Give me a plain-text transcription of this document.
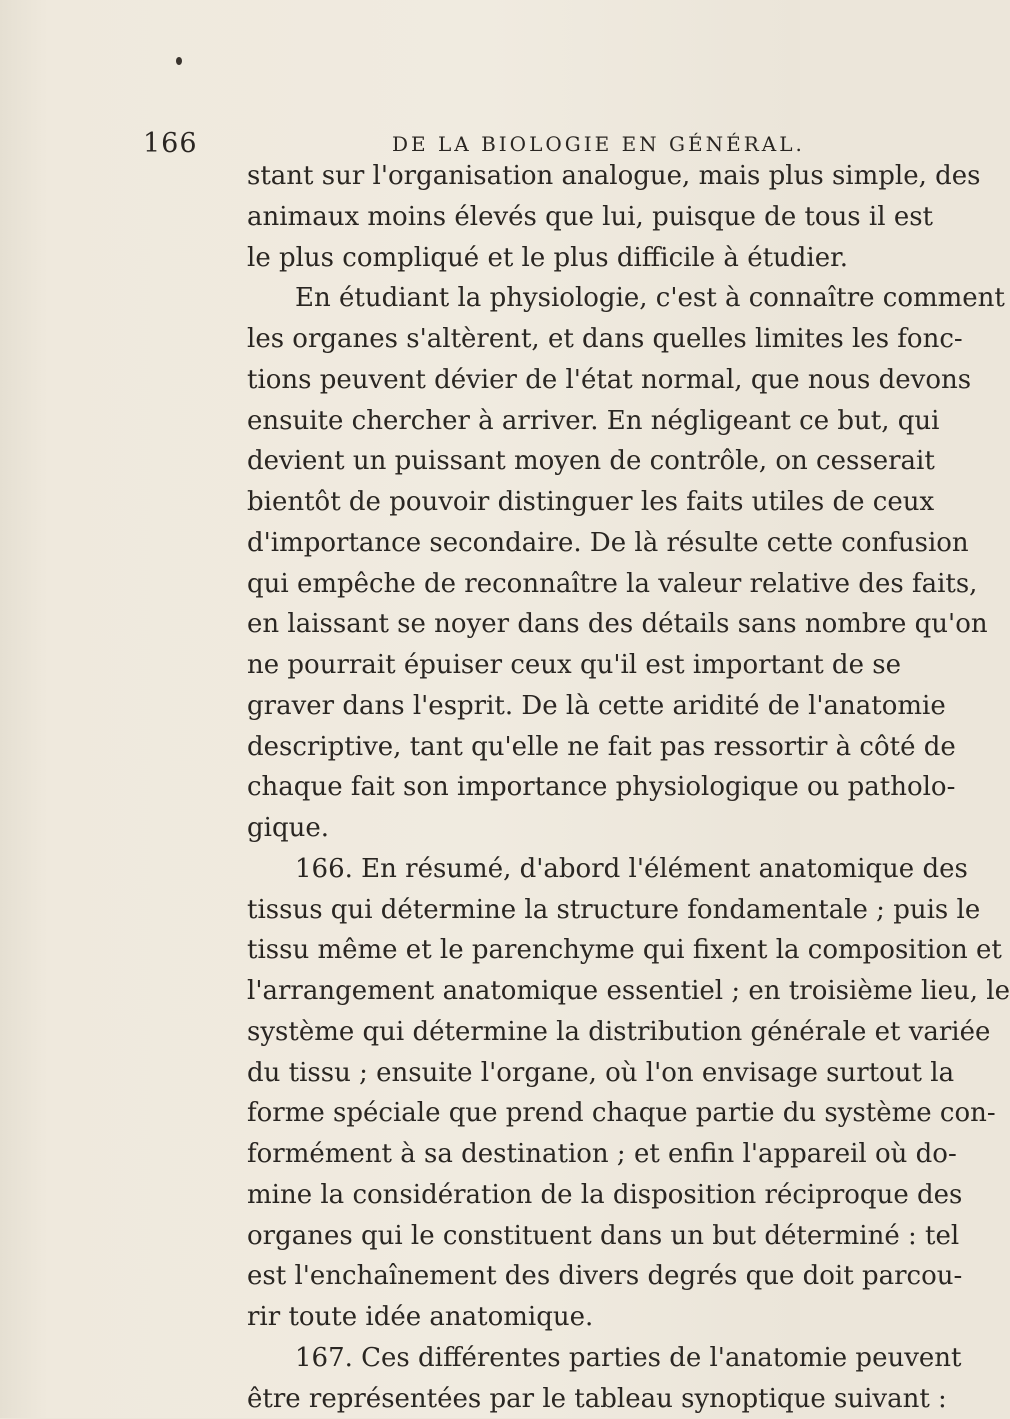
166	DE LA BIOLOGIE EN GÉNÉRAL.
stant sur l'organisation analogue, mais plus simple, des
animaux moins élevés que lui, puisque de tous il est
le plus compliqué et le plus difficile à étudier.
En étudiant la physiologie, c'est à connaître comment
les organes s'altèrent, et dans quelles limites les fonc-
tions peuvent dévier de l'état normal, que nous devons
ensuite chercher à arriver. En négligeant ce but, qui
devient un puissant moyen de contrôle, on cesserait
bientôt de pouvoir distinguer les faits utiles de ceux
d'importance secondaire. De là résulte cette confusion
qui empêche de reconnaître la valeur relative des faits,
en laissant se noyer dans des détails sans nombre qu'on
ne pourrait épuiser ceux qu'il est important de se
graver dans l'esprit. De là cette aridité de l'anatomie
descriptive, tant qu'elle ne fait pas ressortir à côté de
chaque fait son importance physiologique ou patholo-
gique.
166. En résumé, d'abord l'élément anatomique des
tissus qui détermine la structure fondamentale ; puis le
tissu même et le parenchyme qui fixent la composition et
l'arrangement anatomique essentiel ; en troisième lieu, le
système qui détermine la distribution générale et variée
du tissu ; ensuite l'organe, où l'on envisage surtout la
forme spéciale que prend chaque partie du système con-
formément à sa destination ; et enfin l'appareil où do-
mine la considération de la disposition réciproque des
organes qui le constituent dans un but déterminé : tel
est l'enchaînement des divers degrés que doit parcou-
rir toute idée anatomique.
167. Ces différentes parties de l'anatomie peuvent
être représentées par le tableau synoptique suivant :
